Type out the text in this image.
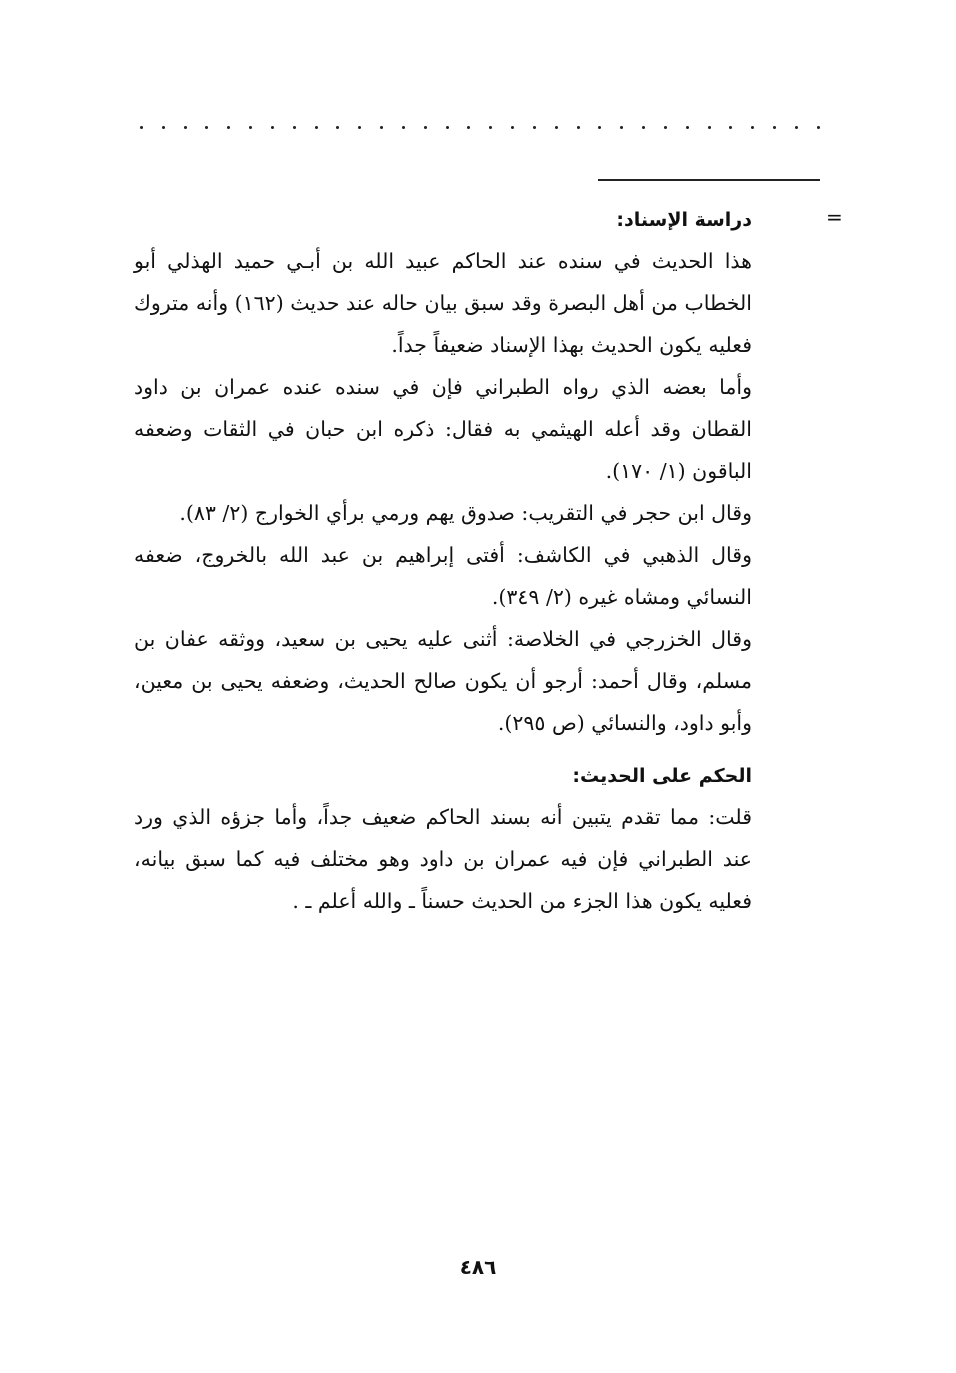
=
دراسة الإسناد:

هذا الحديث في سنده عند الحاكم عبيد الله بن أبـي حميد الهذلي أبو الخطاب من أهل البصرة وقد سبق بيان حاله عند حديث (١٦٢) وأنه متروك فعليه يكون الحديث بهذا الإسناد ضعيفاً جداً.

وأما بعضه الذي رواه الطبراني فإن في سنده عنده عمران بن داود القطان وقد أعله الهيثمي به فقال: ذكره ابن حبان في الثقات وضعفه الباقون (١/ ١٧٠).

وقال ابن حجر في التقريب: صدوق يهم ورمي برأي الخوارج (٢/ ٨٣).

وقال الذهبي في الكاشف: أفتى إبراهيم بن عبد الله بالخروج، ضعفه النسائي ومشاه غيره (٢/ ٣٤٩).

وقال الخزرجي في الخلاصة: أثنى عليه يحيى بن سعيد، ووثقه عفان بن مسلم، وقال أحمد: أرجو أن يكون صالح الحديث، وضعفه يحيى بن معين، وأبو داود، والنسائي (ص ٢٩٥).

الحكم على الحديث:

قلت: مما تقدم يتبين أنه بسند الحاكم ضعيف جداً، وأما جزؤه الذي ورد عند الطبراني فإن فيه عمران بن داود وهو مختلف فيه كما سبق بيانه، فعليه يكون هذا الجزء من الحديث حسناً ـ والله أعلم ـ .

٤٨٦
